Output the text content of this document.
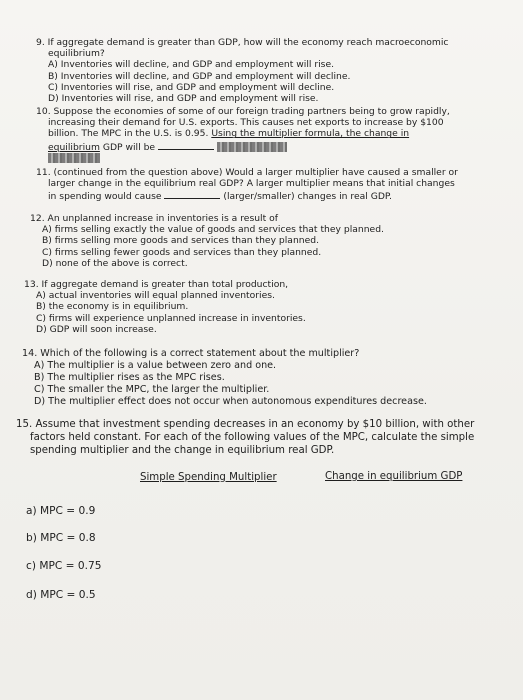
9. If aggregate demand is greater than GDP, how will the economy reach macroeconomic
equilibrium?
A) Inventories will decline, and GDP and employment will rise.
B) Inventories will decline, and GDP and employment will decline.
C) Inventories will rise, and GDP and employment will decline.
D) Inventories will rise, and GDP and employment will rise.
10. Suppose the economies of some of our foreign trading partners being to grow rapidly,
increasing their demand for U.S. exports. This causes net exports to increase by $100
billion. The MPC in the U.S. is 0.95. Using the multiplier formula, the change in
equilibrium GDP will be
11. (continued from the question above) Would a larger multiplier have caused a smaller or
larger change in the equilibrium real GDP? A larger multiplier means that initial changes
in spending would cause	(larger/smaller) changes in real GDP.
12. An unplanned increase in inventories is a result of
A) firms selling exactly the value of goods and services that they planned.
B) firms selling more goods and services than they planned.
C) firms selling fewer goods and services than they planned.
D) none of the above is correct.
13. If aggregate demand is greater than total production,
A) actual inventories will equal planned inventories.
B) the economy is in equilibrium.
C) firms will experience unplanned increase in inventories.
D) GDP will soon increase.
14. Which of the following is a correct statement about the multiplier?
A) The multiplier is a value between zero and one.
B) The multiplier rises as the MPC rises.
C) The smaller the MPC, the larger the multiplier.
D) The multiplier effect does not occur when autonomous expenditures decrease.
15. Assume that investment spending decreases in an economy by $10 billion, with other
factors held constant. For each of the following values of the MPC, calculate the simple
spending multiplier and the change in equilibrium real GDP.
Simple Spending Multiplier	Change in equilibrium GDP
a) MPC = 0.9
b) MPC = 0.8
c) MPC = 0.75
d) MPC = 0.5
